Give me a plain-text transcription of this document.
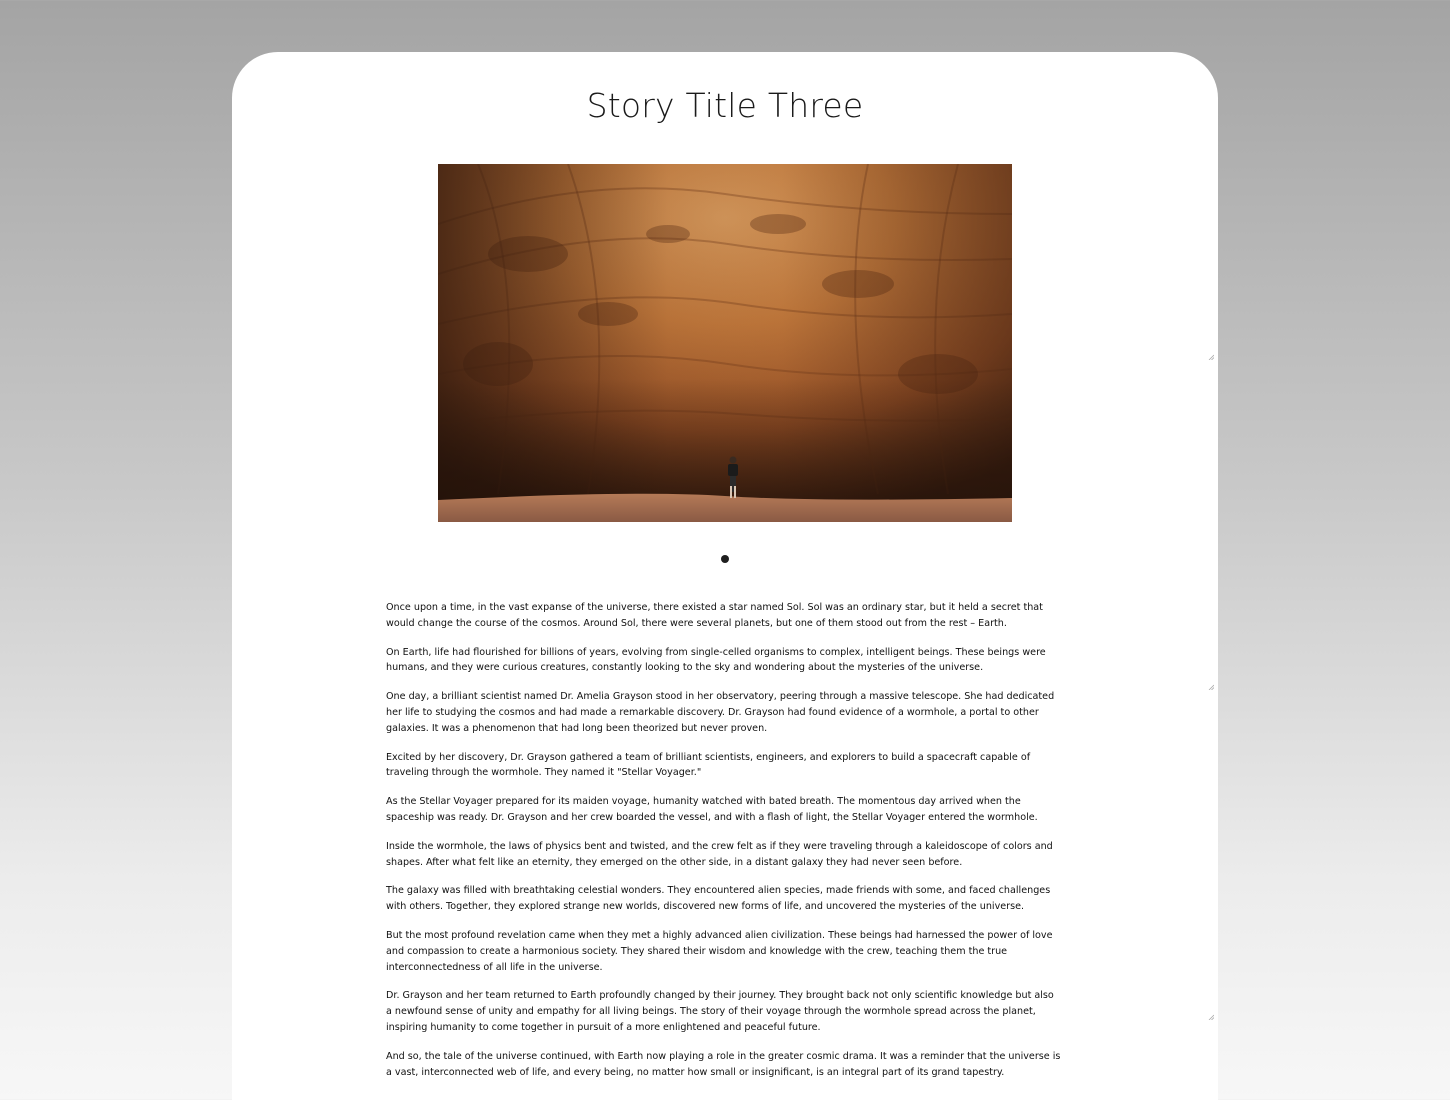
Story Title Three

Once upon a time, in the vast expanse of the universe, there existed a star named Sol. Sol was an ordinary star, but it held a secret that would change the course of the cosmos. Around Sol, there were several planets, but one of them stood out from the rest – Earth.

On Earth, life had flourished for billions of years, evolving from single-celled organisms to complex, intelligent beings. These beings were humans, and they were curious creatures, constantly looking to the sky and wondering about the mysteries of the universe.

One day, a brilliant scientist named Dr. Amelia Grayson stood in her observatory, peering through a massive telescope. She had dedicated her life to studying the cosmos and had made a remarkable discovery. Dr. Grayson had found evidence of a wormhole, a portal to other galaxies. It was a phenomenon that had long been theorized but never proven.

Excited by her discovery, Dr. Grayson gathered a team of brilliant scientists, engineers, and explorers to build a spacecraft capable of traveling through the wormhole. They named it "Stellar Voyager."

As the Stellar Voyager prepared for its maiden voyage, humanity watched with bated breath. The momentous day arrived when the spaceship was ready. Dr. Grayson and her crew boarded the vessel, and with a flash of light, the Stellar Voyager entered the wormhole.

Inside the wormhole, the laws of physics bent and twisted, and the crew felt as if they were traveling through a kaleidoscope of colors and shapes. After what felt like an eternity, they emerged on the other side, in a distant galaxy they had never seen before.

The galaxy was filled with breathtaking celestial wonders. They encountered alien species, made friends with some, and faced challenges with others. Together, they explored strange new worlds, discovered new forms of life, and uncovered the mysteries of the universe.

But the most profound revelation came when they met a highly advanced alien civilization. These beings had harnessed the power of love and compassion to create a harmonious society. They shared their wisdom and knowledge with the crew, teaching them the true interconnectedness of all life in the universe.

Dr. Grayson and her team returned to Earth profoundly changed by their journey. They brought back not only scientific knowledge but also a newfound sense of unity and empathy for all living beings. The story of their voyage through the wormhole spread across the planet, inspiring humanity to come together in pursuit of a more enlightened and peaceful future.

And so, the tale of the universe continued, with Earth now playing a role in the greater cosmic drama. It was a reminder that the universe is a vast, interconnected web of life, and every being, no matter how small or insignificant, is an integral part of its grand tapestry.
